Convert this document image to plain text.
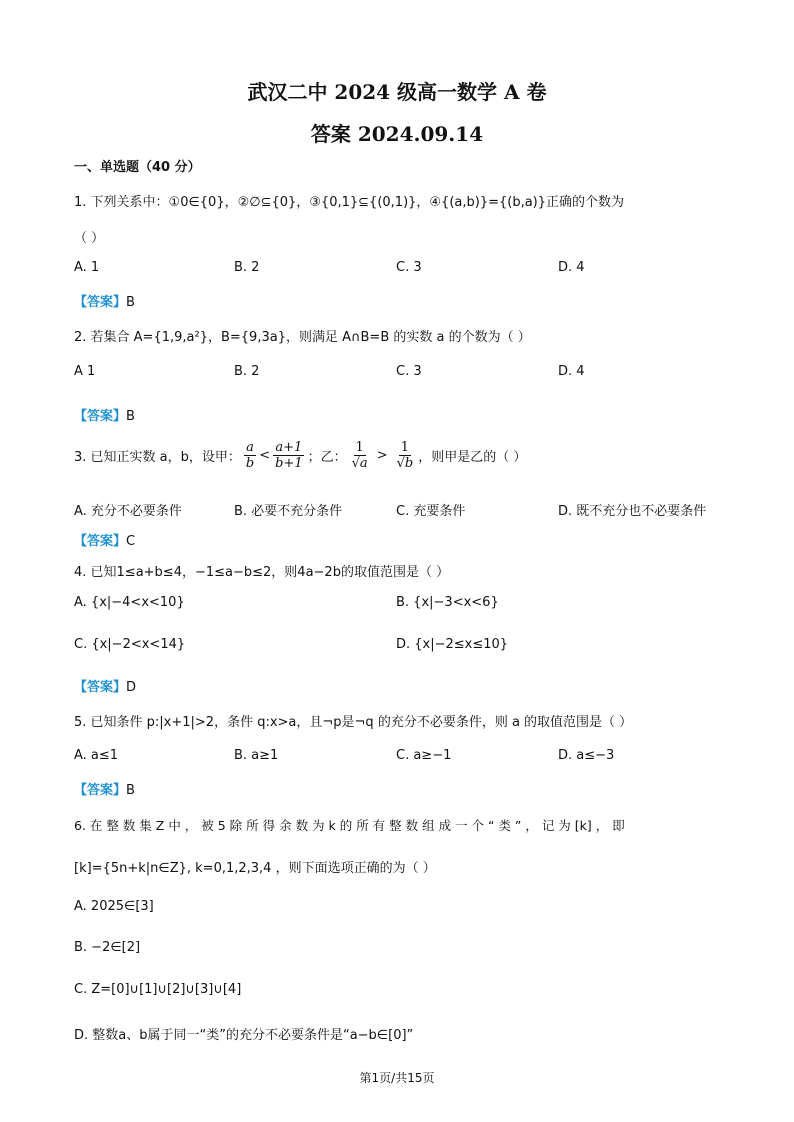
武汉二中 2024 级高一数学 A 卷
答案 2024.09.14
一、单选题（40 分）
1. 下列关系中：①0∈{0}，②∅⊆{0}，③{0,1}⊆{(0,1)}，④{(a,b)}={(b,a)}正确的个数为
（ ）
A. 1	B. 2	C. 3	D. 4
【答案】B
2. 若集合 A={1,9,a²}，B={9,3a}，则满足 A∩B=B 的实数 a 的个数为（ ）
A 1	B. 2	C. 3	D. 4
【答案】B
3. 已知正实数 a，b，设甲： $\frac{a}{b} < \frac{a+1}{b+1}$ ；乙： $\frac{1}{√a} > \frac{1}{√b}$ ，则甲是乙的（ ）
A. 充分不必要条件	B. 必要不充分条件	C. 充要条件	D. 既不充分也不必要条件
【答案】C
4. 已知1≤a+b≤4，−1≤a−b≤2，则4a−2b的取值范围是（ ）
A. {x|−4<x<10}	B. {x|−3<x<6}
C. {x|−2<x<14}	D. {x|−2≤x≤10}
【答案】D
5. 已知条件 p:|x+1|>2，条件 q:x>a，且¬p是¬q 的充分不必要条件，则 a 的取值范围是（ ）
A. a≤1	B. a≥1	C. a≥−1	D. a≤−3
【答案】B
6. 在 整 数 集 Z 中 ， 被 5 除 所 得 余 数 为 k 的 所 有 整 数 组 成 一 个 “ 类 ” ， 记 为 [k] ， 即
[k]={5n+k|n∈Z}, k=0,1,2,3,4 ，则下面选项正确的为（ ）
A. 2025∈[3]
B. −2∈[2]
C. Z=[0]∪[1]∪[2]∪[3]∪[4]
D. 整数a、b属于同一“类”的充分不必要条件是“a−b∈[0]”
第1页/共15页
